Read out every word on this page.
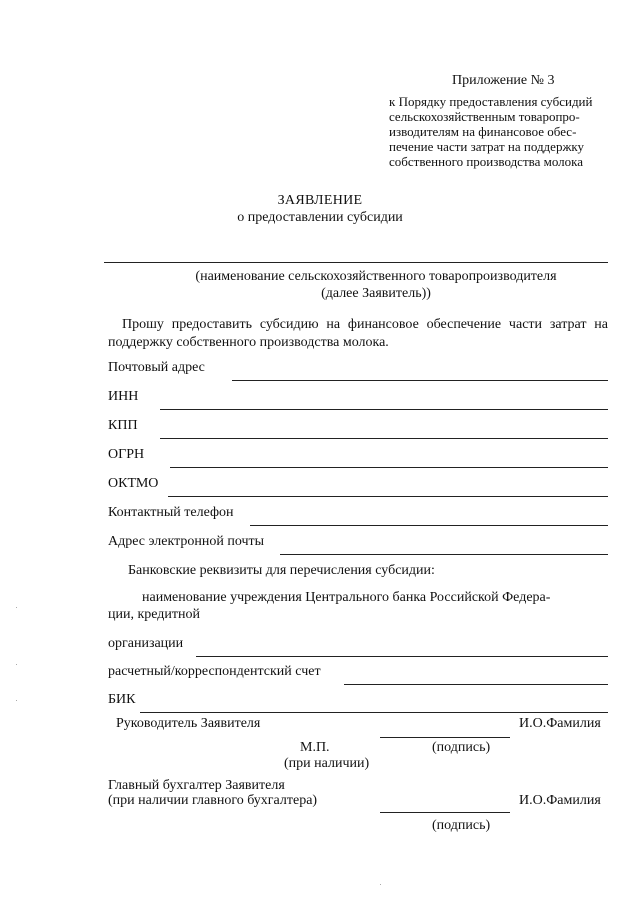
Приложение № 3
к Порядку предоставления субсидий
сельскохозяйственным товаропро-
изводителям на финансовое обес-
печение части затрат на поддержку
собственного производства молока
ЗАЯВЛЕНИЕ
о предоставлении субсидии
(наименование сельскохозяйственного товаропроизводителя
(далее Заявитель))
Прошу предоставить субсидию на финансовое обеспечение части затрат на поддержку собственного производства молока.
Почтовый адрес
ИНН
КПП
ОГРН
ОКТМО
Контактный телефон
Адрес электронной почты
Банковские реквизиты для перечисления субсидии:
наименование учреждения Центрального банка Российской Федера-
ции, кредитной
организации
расчетный/корреспондентский счет
БИК
Руководитель Заявителя	И.О.Фамилия
М.П.	(подпись)
(при наличии)
Главный бухгалтер Заявителя
(при наличии главного бухгалтера)	И.О.Фамилия
(подпись)
